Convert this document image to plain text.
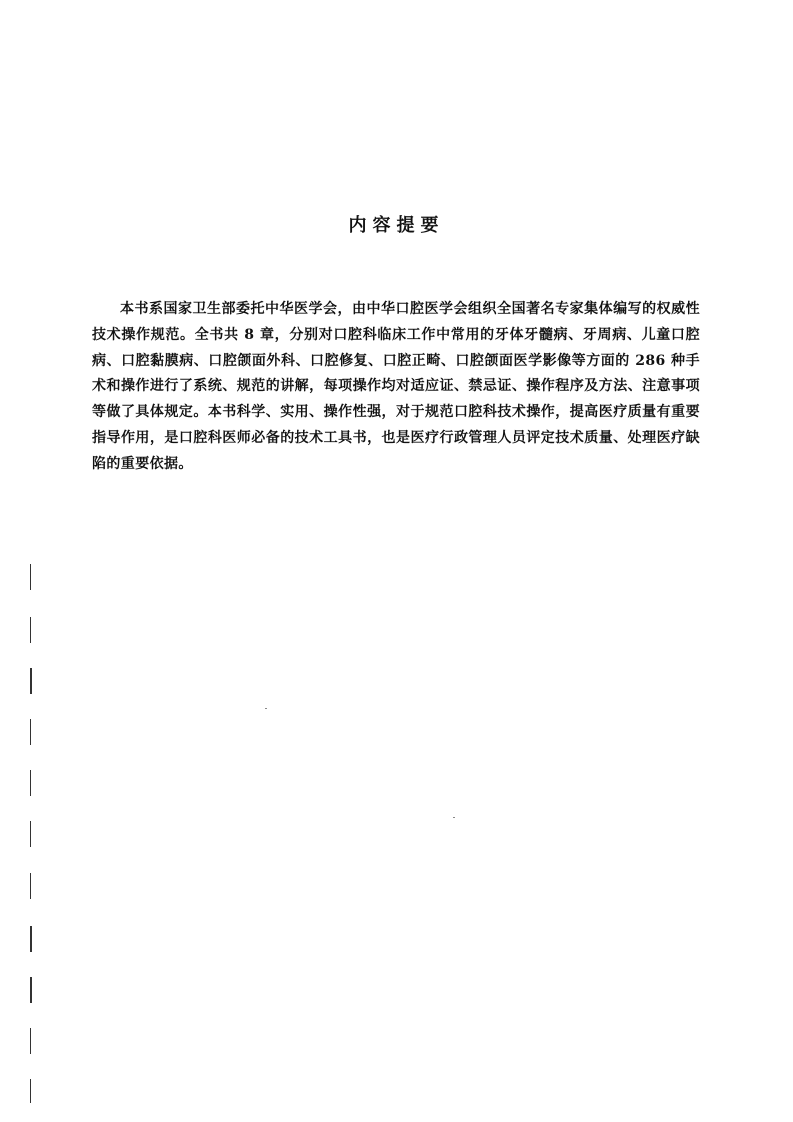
内容提要

本书系国家卫生部委托中华医学会，由中华口腔医学会组织全国著名专家集体编写的权威性技术操作规范。全书共 8 章，分别对口腔科临床工作中常用的牙体牙髓病、牙周病、儿童口腔病、口腔黏膜病、口腔颌面外科、口腔修复、口腔正畸、口腔颌面医学影像等方面的 286 种手术和操作进行了系统、规范的讲解，每项操作均对适应证、禁忌证、操作程序及方法、注意事项等做了具体规定。本书科学、实用、操作性强，对于规范口腔科技术操作，提高医疗质量有重要指导作用，是口腔科医师必备的技术工具书，也是医疗行政管理人员评定技术质量、处理医疗缺陷的重要依据。
